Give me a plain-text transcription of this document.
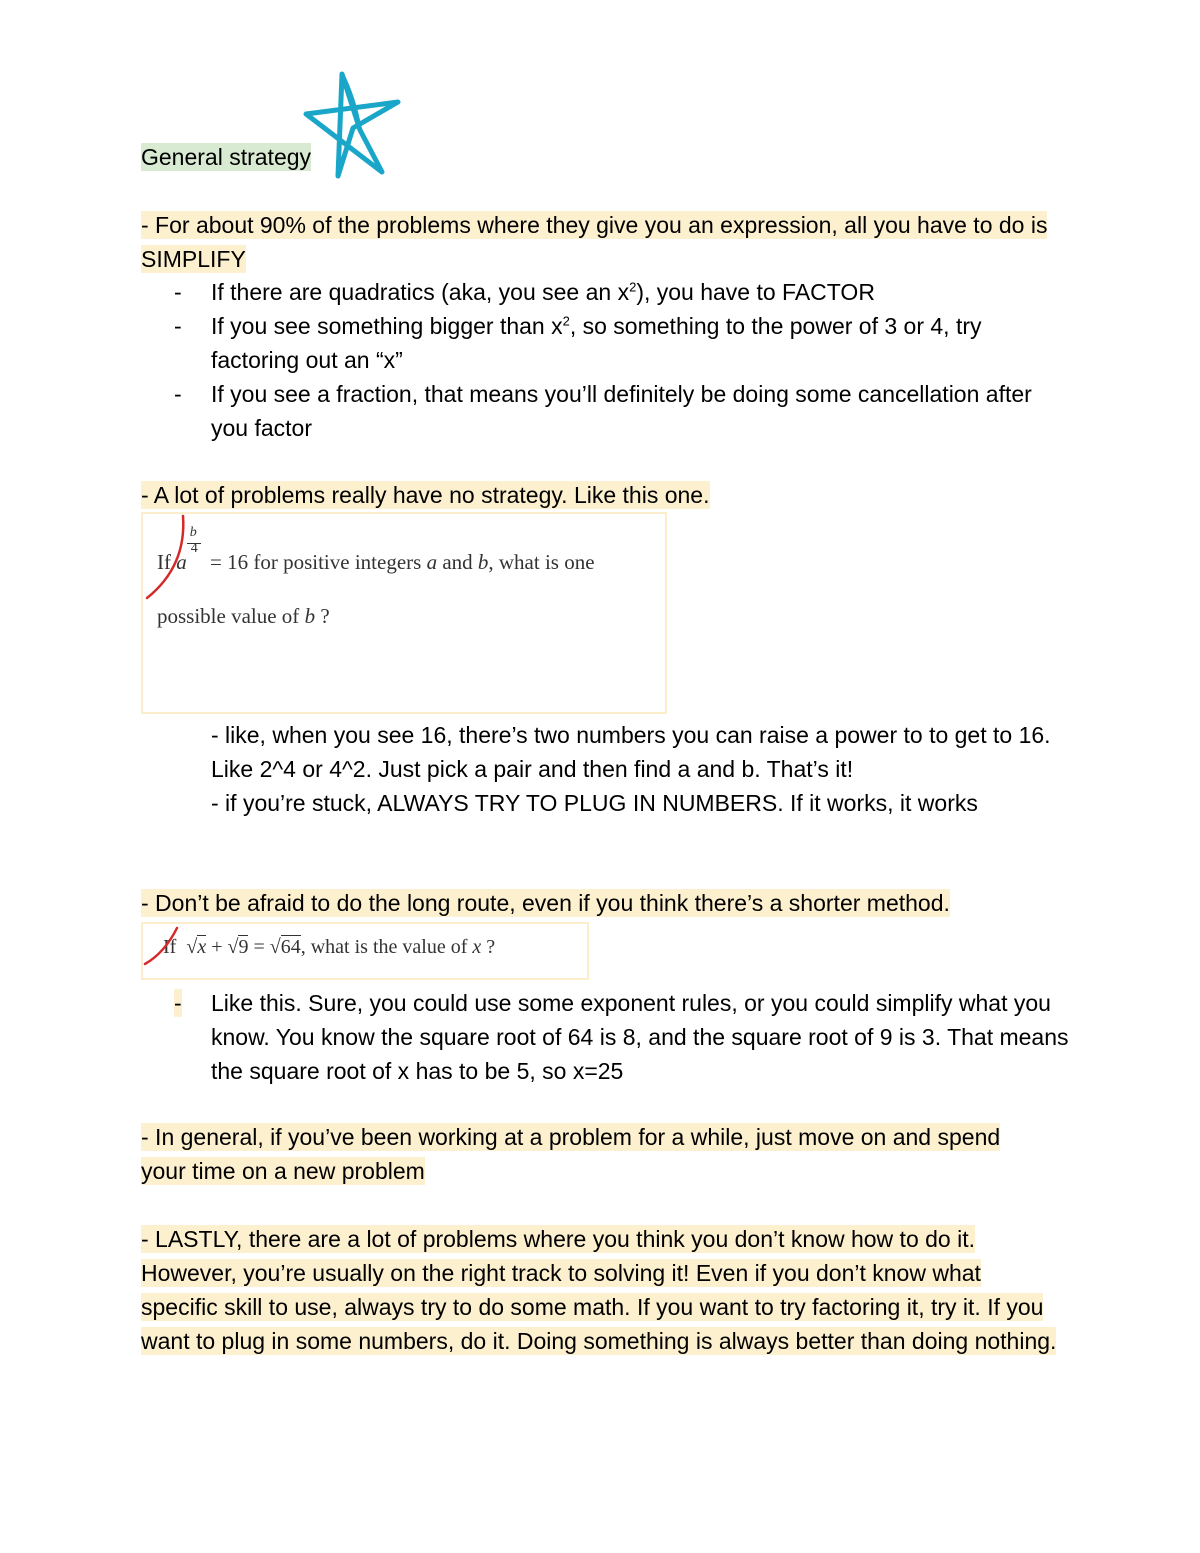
General strategy
- For about 90% of the problems where they give you an expression, all you have to do is SIMPLIFY
- If there are quadratics (aka, you see an $x^2$), you have to FACTOR
- If you see something bigger than $x^2$, so something to the power of 3 or 4, try factoring out an “x”
- If you see a fraction, that means you’ll definitely be doing some cancellation after you factor
- A lot of problems really have no strategy. Like this one.
If a $\frac{b}{4} = 16$ for positive integers a and b, what is one
possible value of b ?
- like, when you see 16, there’s two numbers you can raise a power to to get to 16. Like 2^4 or 4^2. Just pick a pair and then find a and b. That’s it!
- if you’re stuck, ALWAYS TRY TO PLUG IN NUMBERS. If it works, it works
- Don’t be afraid to do the long route, even if you think there’s a shorter method.
If  √x + √9 = √64, what is the value of x ?
- Like this. Sure, you could use some exponent rules, or you could simplify what you know. You know the square root of 64 is 8, and the square root of 9 is 3. That means the square root of x has to be 5, so x=25
- In general, if you’ve been working at a problem for a while, just move on and spend your time on a new problem
- LASTLY, there are a lot of problems where you think you don’t know how to do it. However, you’re usually on the right track to solving it! Even if you don’t know what specific skill to use, always try to do some math. If you want to try factoring it, try it. If you want to plug in some numbers, do it. Doing something is always better than doing nothing.
